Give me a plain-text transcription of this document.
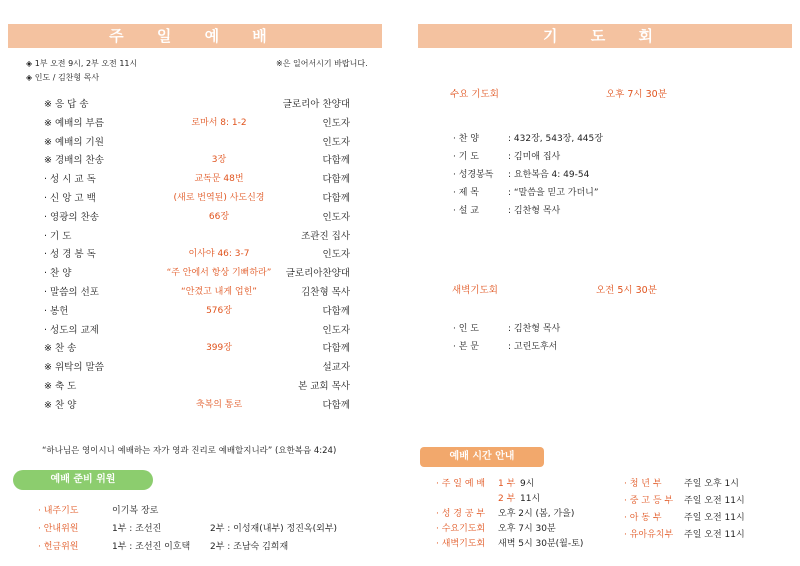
주 일 예 배
◈ 1부 오전 9시, 2부 오전 11시	※은 일어서시기 바랍니다.
◈ 인도 / 김찬형 목사
※ 응 답 송	글로리아 찬양대
※ 예배의 부름	로마서 8: 1-2	인도자
※ 예배의 기원	인도자
※ 경배의 찬송	3장	다함께
· 성 시 교 독	교독문 48번	다함께
· 신 앙 고 백	(새로 번역된) 사도신경	다함께
· 영광의 찬송	66장	인도자
· 기 도	조관진 집사
· 성 경 봉 독	이사야 46: 3-7	인도자
· 찬 양	“주 안에서 항상 기뻐하라”	글로리아찬양대
· 말씀의 선포	“안겼고 내게 업힌”	김찬형 목사
· 봉헌	576장	다함께
· 성도의 교제	인도자
※ 찬 송	399장	다함께
※ 위탁의 말씀	설교자
※ 축 도	본 교회 목사
※ 찬 양	축복의 통로	다함께
“하나님은 영이시니 예배하는 자가 영과 진리로 예배할지니라” (요한복음 4:24)
예배 준비 위원
· 내주기도	이기복 장로
· 안내위원	1부 : 조선진	2부 : 이성재(내부) 정진옥(외부)
· 헌금위원	1부 : 조선진 이호택 2부 : 조남숙 김희재
기 도 회
수요 기도회	오후 7시 30분
· 찬 양	: 432장, 543장, 445장
· 기 도	: 김미애 집사
· 성경봉독 : 요한복음 4: 49-54
· 제 목	: “말씀을 믿고 가더니”
· 설 교	: 김찬형 목사
새벽기도회	오전 5시 30분
· 인 도	: 김찬형 목사
· 본 문	: 고린도후서
예배 시간 안내
· 주 일 예 배 1 부 9시
2 부 11시
· 성 경 공 부 오후 2시 (봄, 가을)
· 수요기도회 오후 7시 30분
· 새벽기도회 새벽 5시 30분(월-토)
· 청 년 부 주일 오후 1시
· 중 고 등 부 주일 오전 11시
· 아 동 부 주일 오전 11시
· 유아유치부 주일 오전 11시
